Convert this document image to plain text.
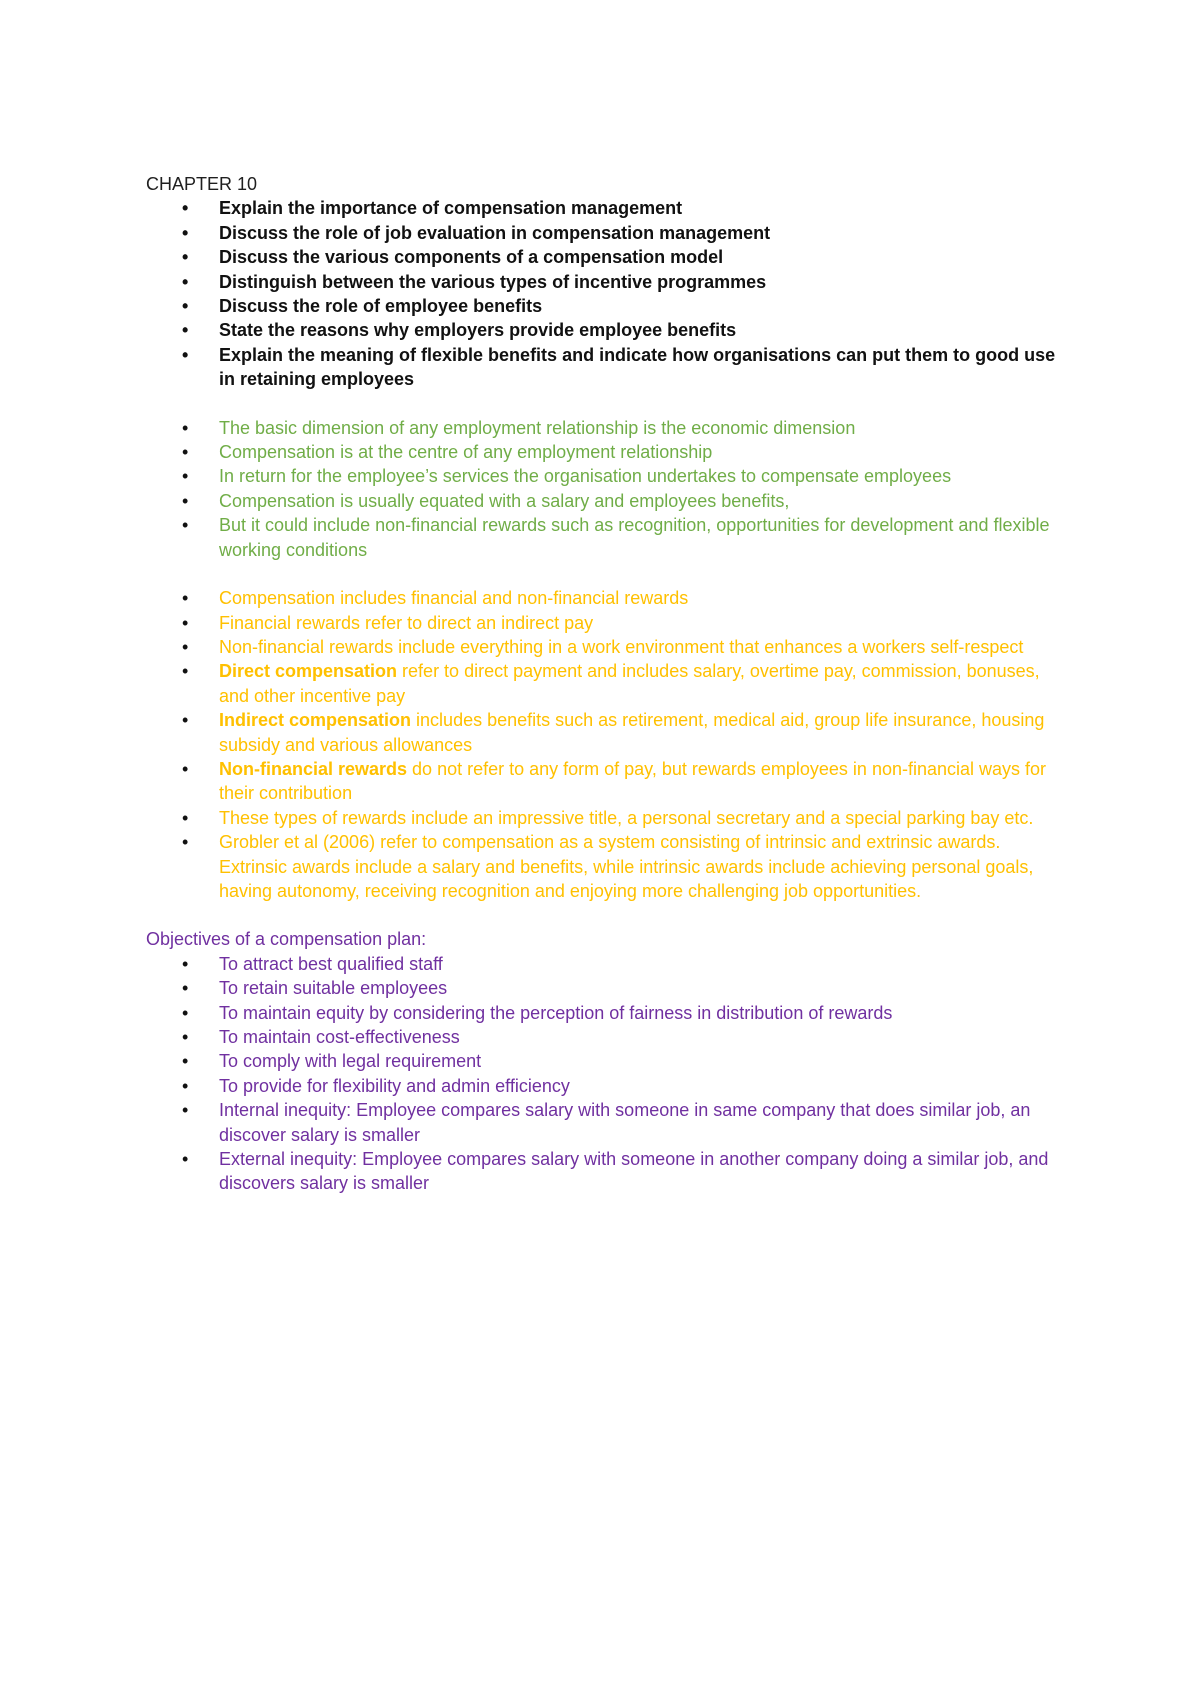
CHAPTER 10

• Explain the importance of compensation management
• Discuss the role of job evaluation in compensation management
• Discuss the various components of a compensation model
• Distinguish between the various types of incentive programmes
• Discuss the role of employee benefits
• State the reasons why employers provide employee benefits
• Explain the meaning of flexible benefits and indicate how organisations can put them to good use in retaining employees
• The basic dimension of any employment relationship is the economic dimension
• Compensation is at the centre of any employment relationship
• In return for the employee’s services the organisation undertakes to compensate employees
• Compensation is usually equated with a salary and employees benefits,
• But it could include non-financial rewards such as recognition, opportunities for development and flexible working conditions
• Compensation includes financial and non-financial rewards
• Financial rewards refer to direct an indirect pay
• Non-financial rewards include everything in a work environment that enhances a workers self-respect
• Direct compensation refer to direct payment and includes salary, overtime pay, commission, bonuses, and other incentive pay
• Indirect compensation includes benefits such as retirement, medical aid, group life insurance, housing subsidy and various allowances
• Non-financial rewards do not refer to any form of pay, but rewards employees in non-financial ways for their contribution
• These types of rewards include an impressive title, a personal secretary and a special parking bay etc.
• Grobler et al (2006) refer to compensation as a system consisting of intrinsic and extrinsic awards. Extrinsic awards include a salary and benefits, while intrinsic awards include achieving personal goals, having autonomy, receiving recognition and enjoying more challenging job opportunities.

Objectives of a compensation plan:

• To attract best qualified staff
• To retain suitable employees
• To maintain equity by considering the perception of fairness in distribution of rewards
• To maintain cost-effectiveness
• To comply with legal requirement
• To provide for flexibility and admin efficiency
• Internal inequity: Employee compares salary with someone in same company that does similar job, an discover salary is smaller
• External inequity: Employee compares salary with someone in another company doing a similar job, and discovers salary is smaller
